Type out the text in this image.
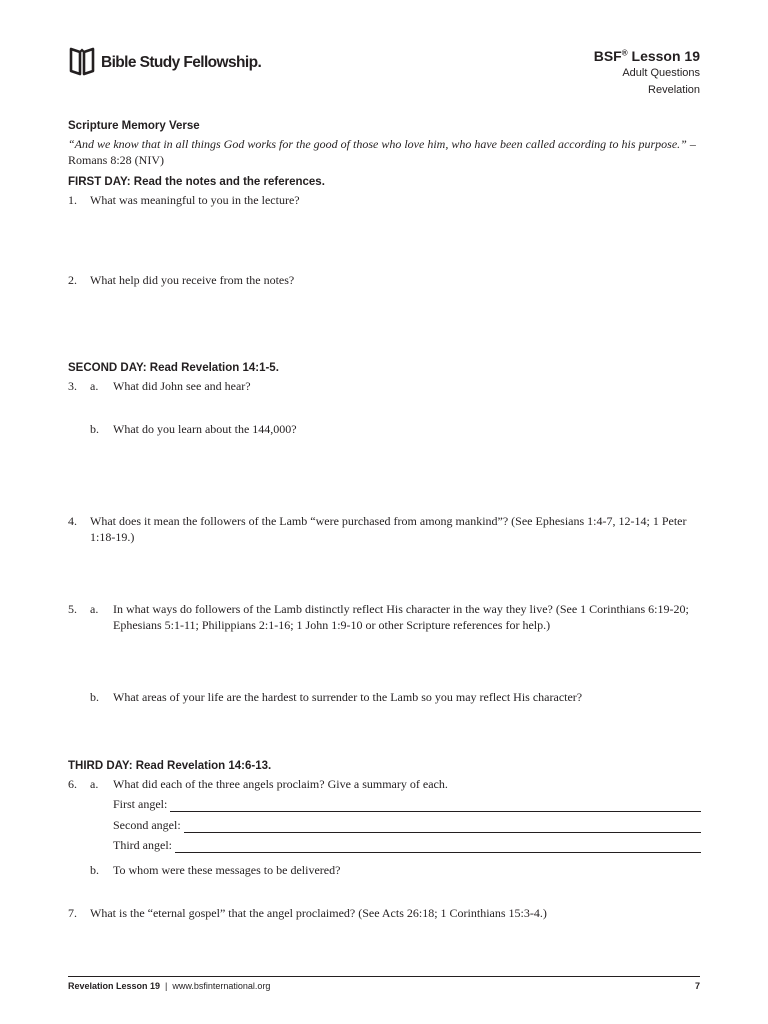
Bible Study Fellowship.	BSF® Lesson 19
Adult Questions
Revelation
Scripture Memory Verse
“And we know that in all things God works for the good of those who love him, who have been called according to his purpose.” – Romans 8:28 (NIV)
FIRST DAY: Read the notes and the references.
1. What was meaningful to you in the lecture?
2. What help did you receive from the notes?
SECOND DAY: Read Revelation 14:1-5.
3. a. What did John see and hear?
b. What do you learn about the 144,000?
4. What does it mean the followers of the Lamb “were purchased from among mankind”? (See Ephesians 1:4-7, 12-14; 1 Peter 1:18-19.)
5. a. In what ways do followers of the Lamb distinctly reflect His character in the way they live? (See 1 Corinthians 6:19-20; Ephesians 5:1-11; Philippians 2:1-16; 1 John 1:9-10 or other Scripture references for help.)
b. What areas of your life are the hardest to surrender to the Lamb so you may reflect His character?
THIRD DAY: Read Revelation 14:6-13.
6. a. What did each of the three angels proclaim? Give a summary of each.
First angel:
Second angel:
Third angel:
b. To whom were these messages to be delivered?
7. What is the “eternal gospel” that the angel proclaimed? (See Acts 26:18; 1 Corinthians 15:3-4.)
Revelation Lesson 19  |  www.bsfinternational.org	7
